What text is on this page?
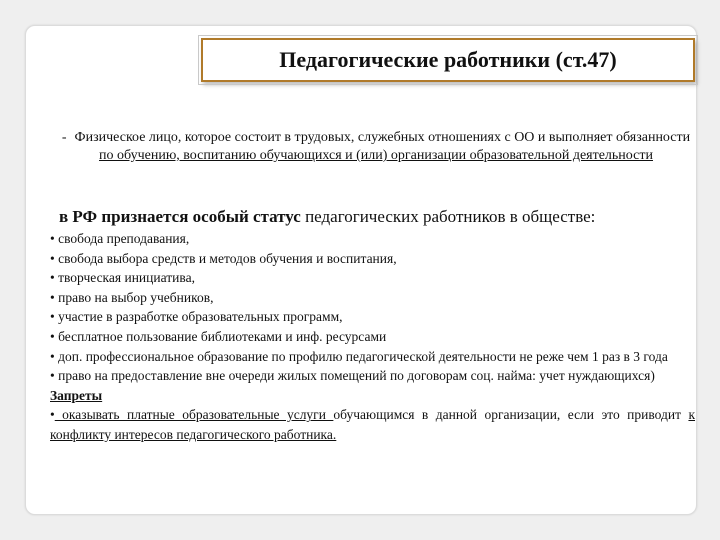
Педагогические работники (ст.47)
- Физическое лицо, которое состоит в трудовых, служебных отношениях с ОО и выполняет обязанности по обучению, воспитанию обучающихся и (или) организации образовательной деятельности
в РФ признается особый статус педагогических работников в обществе:
• свобода преподавания,
• свобода выбора средств и методов обучения и воспитания,
• творческая инициатива,
• право на выбор учебников,
• участие в разработке образовательных программ,
• бесплатное пользование библиотеками и инф. ресурсами
• доп. профессиональное образование по профилю педагогической деятельности не реже чем 1 раз в 3 года
• право на предоставление вне очереди жилых помещений по договорам соц. найма: учет нуждающихся)
Запреты
• оказывать платные образовательные услуги обучающимся в данной организации, если это приводит к конфликту интересов педагогического работника.
